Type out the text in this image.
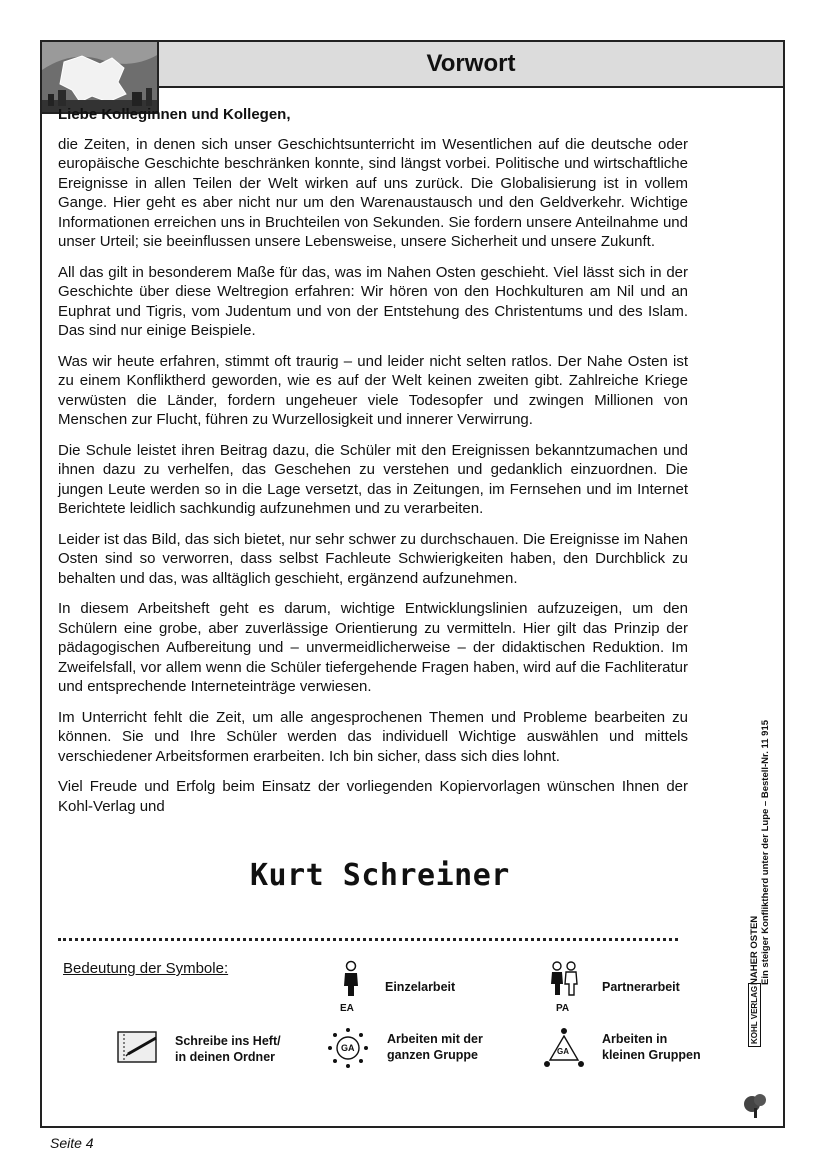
Vorwort

Liebe Kolleginnen und Kollegen,

die Zeiten, in denen sich unser Geschichtsunterricht im Wesentlichen auf die deutsche oder europäische Geschichte beschränken konnte, sind längst vorbei. Politische und wirtschaftliche Ereignisse in allen Teilen der Welt wirken auf uns zurück. Die Globalisierung ist in vollem Gange. Hier geht es aber nicht nur um den Warenaustausch und den Geldverkehr. Wichtige Informationen erreichen uns in Bruchteilen von Sekunden. Sie fordern unsere Anteilnahme und unser Urteil; sie beeinflussen unsere Lebensweise, unsere Sicherheit und unsere Zukunft.

All das gilt in besonderem Maße für das, was im Nahen Osten geschieht. Viel lässt sich in der Geschichte über diese Weltregion erfahren: Wir hören von den Hochkulturen am Nil und an Euphrat und Tigris, vom Judentum und von der Entstehung des Christentums und des Islam. Das sind nur einige Beispiele.

Was wir heute erfahren, stimmt oft traurig – und leider nicht selten ratlos. Der Nahe Osten ist zu einem Konfliktherd geworden, wie es auf der Welt keinen zweiten gibt. Zahlreiche Kriege verwüsten die Länder, fordern ungeheuer viele Todesopfer und zwingen Millionen von Menschen zur Flucht, führen zu Wurzellosigkeit und innerer Verwirrung.

Die Schule leistet ihren Beitrag dazu, die Schüler mit den Ereignissen bekanntzumachen und ihnen dazu zu verhelfen, das Geschehen zu verstehen und gedanklich einzuordnen. Die jungen Leute werden so in die Lage versetzt, das in Zeitungen, im Fernsehen und im Internet Berichtete leidlich sachkundig aufzunehmen und zu verarbeiten.

Leider ist das Bild, das sich bietet, nur sehr schwer zu durchschauen. Die Ereignisse im Nahen Osten sind so verworren, dass selbst Fachleute Schwierigkeiten haben, den Durchblick zu behalten und das, was alltäglich geschieht, ergänzend aufzunehmen.

In diesem Arbeitsheft geht es darum, wichtige Entwicklungslinien aufzuzeigen, um den Schülern eine grobe, aber zuverlässige Orientierung zu vermitteln. Hier gilt das Prinzip der pädagogischen Aufbereitung und – unvermeidlicherweise – der didaktischen Reduktion. Im Zweifelsfall, vor allem wenn die Schüler tiefergehende Fragen haben, wird auf die Fachliteratur und entsprechende Interneteinträge verwiesen.

Im Unterricht fehlt die Zeit, um alle angesprochenen Themen und Probleme bearbeiten zu können. Sie und Ihre Schüler werden das individuell Wichtige auswählen und mittels verschiedener Arbeitsformen erarbeiten. Ich bin sicher, dass sich dies lohnt.

Viel Freude und Erfolg beim Einsatz der vorliegenden Kopiervorlagen wünschen Ihnen der Kohl-Verlag und

Kurt Schreiner
Bedeutung der Symbole:
EA
Einzelarbeit
PA
Partnerarbeit
Schreibe ins Heft/
in deinen Ordner
GA
Arbeiten mit der
ganzen Gruppe	GA
Arbeiten in
kleinen Gruppen
KOHL VERLAG
NAHER OSTEN Ein steiger Konfliktherd unter der Lupe – Bestell-Nr. 11 915
Seite 4
